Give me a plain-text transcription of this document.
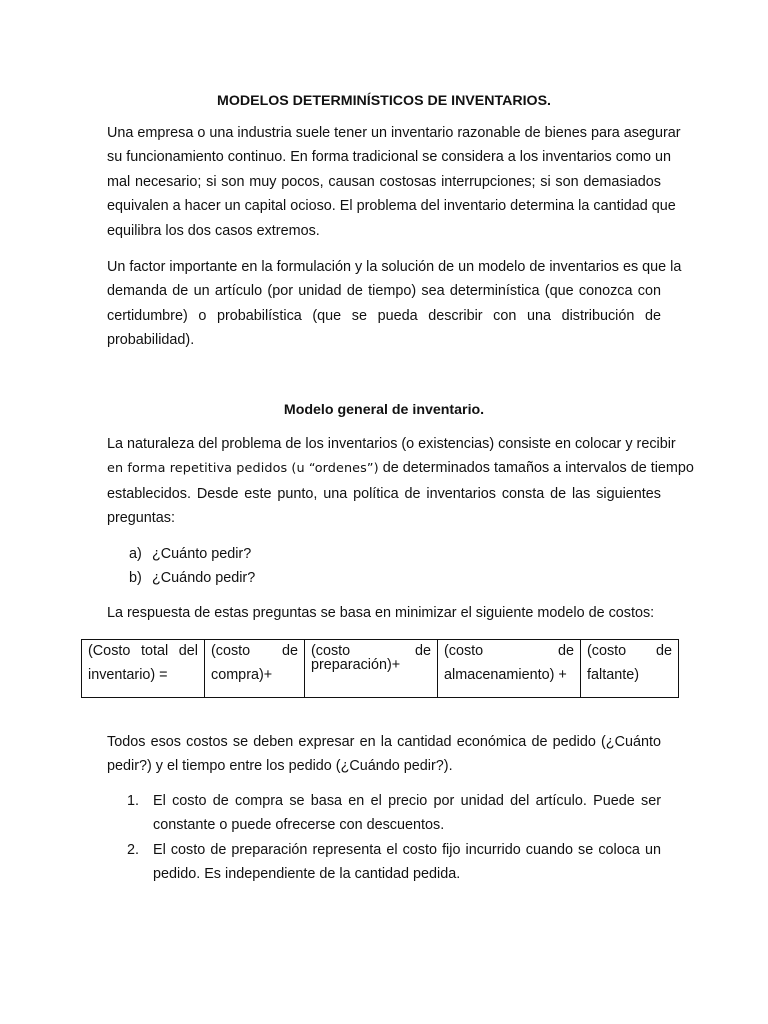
MODELOS DETERMINÍSTICOS DE INVENTARIOS.
Una empresa o una industria suele tener un inventario razonable de bienes para asegurar
su funcionamiento continuo. En forma tradicional se considera a los inventarios como un
mal necesario; si son muy pocos, causan costosas interrupciones; si son demasiados
equivalen a hacer un capital ocioso. El problema del inventario determina la cantidad que
equilibra los dos casos extremos.
Un factor importante en la formulación y la solución de un modelo de inventarios es que la
demanda de un artículo (por unidad de tiempo) sea determinística (que conozca con
certidumbre) o probabilística (que se pueda describir con una distribución de
probabilidad).
Modelo general de inventario.
La naturaleza del problema de los inventarios (o existencias) consiste en colocar y recibir
en forma repetitiva pedidos (u “ordenes”) de determinados tamaños a intervalos de tiempo
establecidos. Desde este punto, una política de inventarios consta de las siguientes
preguntas:
a) ¿Cuánto pedir?
b) ¿Cuándo pedir?
La respuesta de estas preguntas se basa en minimizar el siguiente modelo de costos:
(Costo total del
inventario) =
(costo de
compra)+
(costo	de
preparación)+
(costo	de
almacenamiento) +
(costo de
faltante)
Todos esos costos se deben expresar en la cantidad económica de pedido (¿Cuánto
pedir?) y el tiempo entre los pedido (¿Cuándo pedir?).
1. El costo de compra se basa en el precio por unidad del artículo. Puede ser
constante o puede ofrecerse con descuentos.
2. El costo de preparación representa el costo fijo incurrido cuando se coloca un
pedido. Es independiente de la cantidad pedida.
